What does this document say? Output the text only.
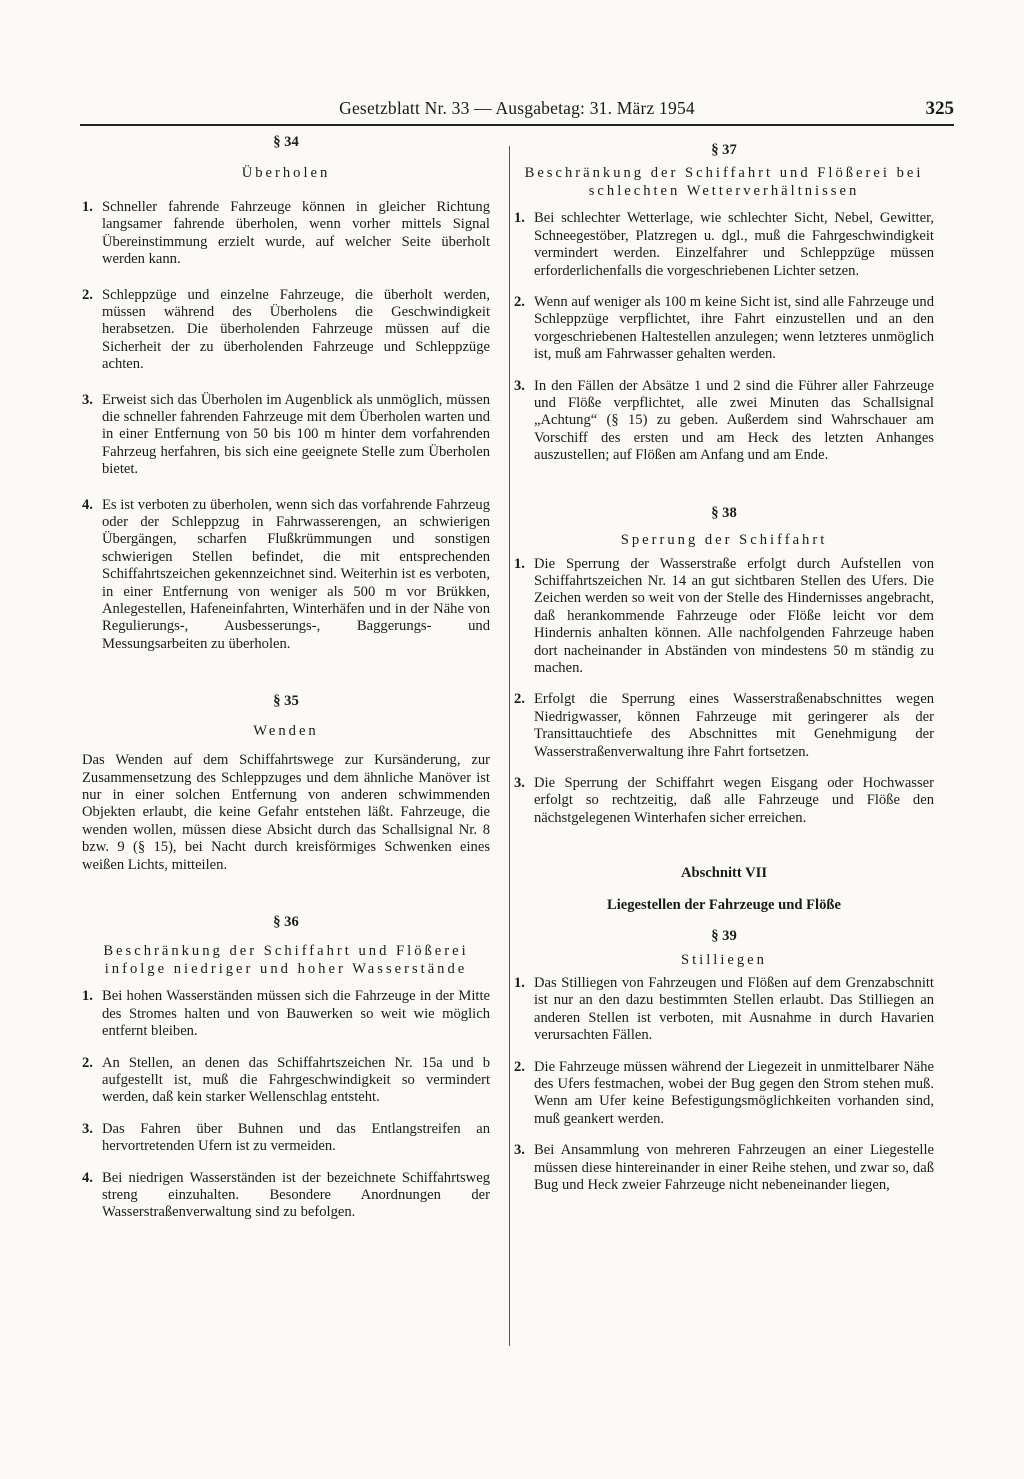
Gesetzblatt Nr. 33 — Ausgabetag: 31. März 1954	325

§ 34

Überholen

1. Schneller fahrende Fahrzeuge können in gleicher Richtung langsamer fahrende überholen, wenn vorher mittels Signal Übereinstimmung erzielt wurde, auf welcher Seite überholt werden kann.
2. Schleppzüge und einzelne Fahrzeuge, die überholt werden, müssen während des Überholens die Geschwindigkeit herabsetzen. Die überholenden Fahrzeuge müssen auf die Sicherheit der zu überholenden Fahrzeuge und Schleppzüge achten.
3. Erweist sich das Überholen im Augenblick als unmöglich, müssen die schneller fahrenden Fahrzeuge mit dem Überholen warten und in einer Entfernung von 50 bis 100 m hinter dem vorfahrenden Fahrzeug herfahren, bis sich eine geeignete Stelle zum Überholen bietet.
4. Es ist verboten zu überholen, wenn sich das vorfahrende Fahrzeug oder der Schleppzug in Fahrwasserengen, an schwierigen Übergängen, scharfen Flußkrümmungen und sonstigen schwierigen Stellen befindet, die mit entsprechenden Schiffahrtszeichen gekennzeichnet sind. Weiterhin ist es verboten, in einer Entfernung von weniger als 500 m vor Brükken, Anlegestellen, Hafeneinfahrten, Winterhäfen und in der Nähe von Regulierungs-, Ausbesserungs-, Baggerungs- und Messungsarbeiten zu überholen.

§ 35

Wenden

Das Wenden auf dem Schiffahrtswege zur Kursänderung, zur Zusammensetzung des Schleppzuges und dem ähnliche Manöver ist nur in einer solchen Entfernung von anderen schwimmenden Objekten erlaubt, die keine Gefahr entstehen läßt. Fahrzeuge, die wenden wollen, müssen diese Absicht durch das Schallsignal Nr. 8 bzw. 9 (§ 15), bei Nacht durch kreisförmiges Schwenken eines weißen Lichts, mitteilen.

§ 36

Beschränkung der Schiffahrt und Flößerei infolge niedriger und hoher Wasserstände

1. Bei hohen Wasserständen müssen sich die Fahrzeuge in der Mitte des Stromes halten und von Bauwerken so weit wie möglich entfernt bleiben.
2. An Stellen, an denen das Schiffahrtszeichen Nr. 15a und b aufgestellt ist, muß die Fahrgeschwindigkeit so vermindert werden, daß kein starker Wellenschlag entsteht.
3. Das Fahren über Buhnen und das Entlangstreifen an hervortretenden Ufern ist zu vermeiden.
4. Bei niedrigen Wasserständen ist der bezeichnete Schiffahrtsweg streng einzuhalten. Besondere Anordnungen der Wasserstraßenverwaltung sind zu befolgen.

§ 37

Beschränkung der Schiffahrt und Flößerei bei schlechten Wetterverhältnissen

1. Bei schlechter Wetterlage, wie schlechter Sicht, Nebel, Gewitter, Schneegestöber, Platzregen u. dgl., muß die Fahrgeschwindigkeit vermindert werden. Einzelfahrer und Schleppzüge müssen erforderlichenfalls die vorgeschriebenen Lichter setzen.
2. Wenn auf weniger als 100 m keine Sicht ist, sind alle Fahrzeuge und Schleppzüge verpflichtet, ihre Fahrt einzustellen und an den vorgeschriebenen Haltestellen anzulegen; wenn letzteres unmöglich ist, muß am Fahrwasser gehalten werden.
3. In den Fällen der Absätze 1 und 2 sind die Führer aller Fahrzeuge und Flöße verpflichtet, alle zwei Minuten das Schallsignal „Achtung“ (§ 15) zu geben. Außerdem sind Wahrschauer am Vorschiff des ersten und am Heck des letzten Anhanges auszustellen; auf Flößen am Anfang und am Ende.

§ 38

Sperrung der Schiffahrt

1. Die Sperrung der Wasserstraße erfolgt durch Aufstellen von Schiffahrtszeichen Nr. 14 an gut sichtbaren Stellen des Ufers. Die Zeichen werden so weit von der Stelle des Hindernisses angebracht, daß herankommende Fahrzeuge oder Flöße leicht vor dem Hindernis anhalten können. Alle nachfolgenden Fahrzeuge haben dort nacheinander in Abständen von mindestens 50 m ständig zu machen.
2. Erfolgt die Sperrung eines Wasserstraßenabschnittes wegen Niedrigwasser, können Fahrzeuge mit geringerer als der Transittauchtiefe des Abschnittes mit Genehmigung der Wasserstraßenverwaltung ihre Fahrt fortsetzen.
3. Die Sperrung der Schiffahrt wegen Eisgang oder Hochwasser erfolgt so rechtzeitig, daß alle Fahrzeuge und Flöße den nächstgelegenen Winterhafen sicher erreichen.

Abschnitt VII

Liegestellen der Fahrzeuge und Flöße

§ 39

Stilliegen

1. Das Stilliegen von Fahrzeugen und Flößen auf dem Grenzabschnitt ist nur an den dazu bestimmten Stellen erlaubt. Das Stilliegen an anderen Stellen ist verboten, mit Ausnahme in durch Havarien verursachten Fällen.
2. Die Fahrzeuge müssen während der Liegezeit in unmittelbarer Nähe des Ufers festmachen, wobei der Bug gegen den Strom stehen muß. Wenn am Ufer keine Befestigungsmöglichkeiten vorhanden sind, muß geankert werden.
3. Bei Ansammlung von mehreren Fahrzeugen an einer Liegestelle müssen diese hintereinander in einer Reihe stehen, und zwar so, daß Bug und Heck zweier Fahrzeuge nicht nebeneinander liegen,
